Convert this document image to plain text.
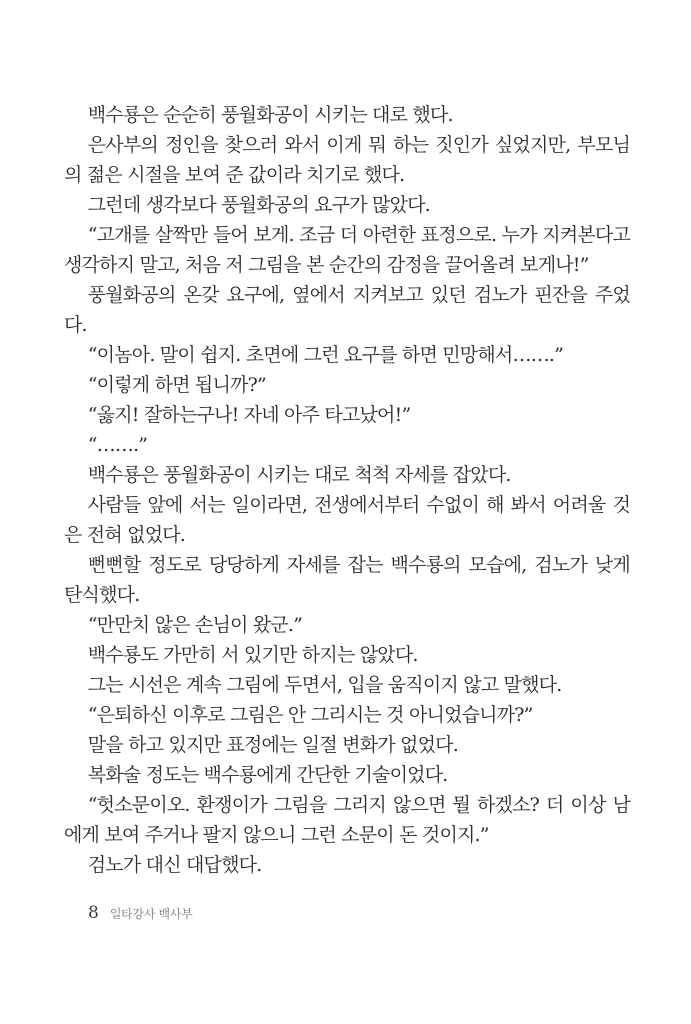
백수룡은 순순히 풍월화공이 시키는 대로 했다.

은사부의 정인을 찾으러 와서 이게 뭐 하는 짓인가 싶었지만, 부모님의 젊은 시절을 보여 준 값이라 치기로 했다.

그런데 생각보다 풍월화공의 요구가 많았다.

“고개를 살짝만 들어 보게. 조금 더 아련한 표정으로. 누가 지켜본다고 생각하지 말고, 처음 저 그림을 본 순간의 감정을 끌어올려 보게나!”

풍월화공의 온갖 요구에, 옆에서 지켜보고 있던 검노가 핀잔을 주었다.

“이놈아. 말이 쉽지. 초면에 그런 요구를 하면 민망해서…….”

“이렇게 하면 됩니까?”

“옳지! 잘하는구나! 자네 아주 타고났어!”

“…….”

백수룡은 풍월화공이 시키는 대로 척척 자세를 잡았다.

사람들 앞에 서는 일이라면, 전생에서부터 수없이 해 봐서 어려울 것은 전혀 없었다.

뻔뻔할 정도로 당당하게 자세를 잡는 백수룡의 모습에, 검노가 낮게 탄식했다.

“만만치 않은 손님이 왔군.”

백수룡도 가만히 서 있기만 하지는 않았다.

그는 시선은 계속 그림에 두면서, 입을 움직이지 않고 말했다.

“은퇴하신 이후로 그림은 안 그리시는 것 아니었습니까?”

말을 하고 있지만 표정에는 일절 변화가 없었다.

복화술 정도는 백수룡에게 간단한 기술이었다.

“헛소문이오. 환쟁이가 그림을 그리지 않으면 뭘 하겠소? 더 이상 남에게 보여 주거나 팔지 않으니 그런 소문이 돈 것이지.”

검노가 대신 대답했다.

8 일타강사 백사부
